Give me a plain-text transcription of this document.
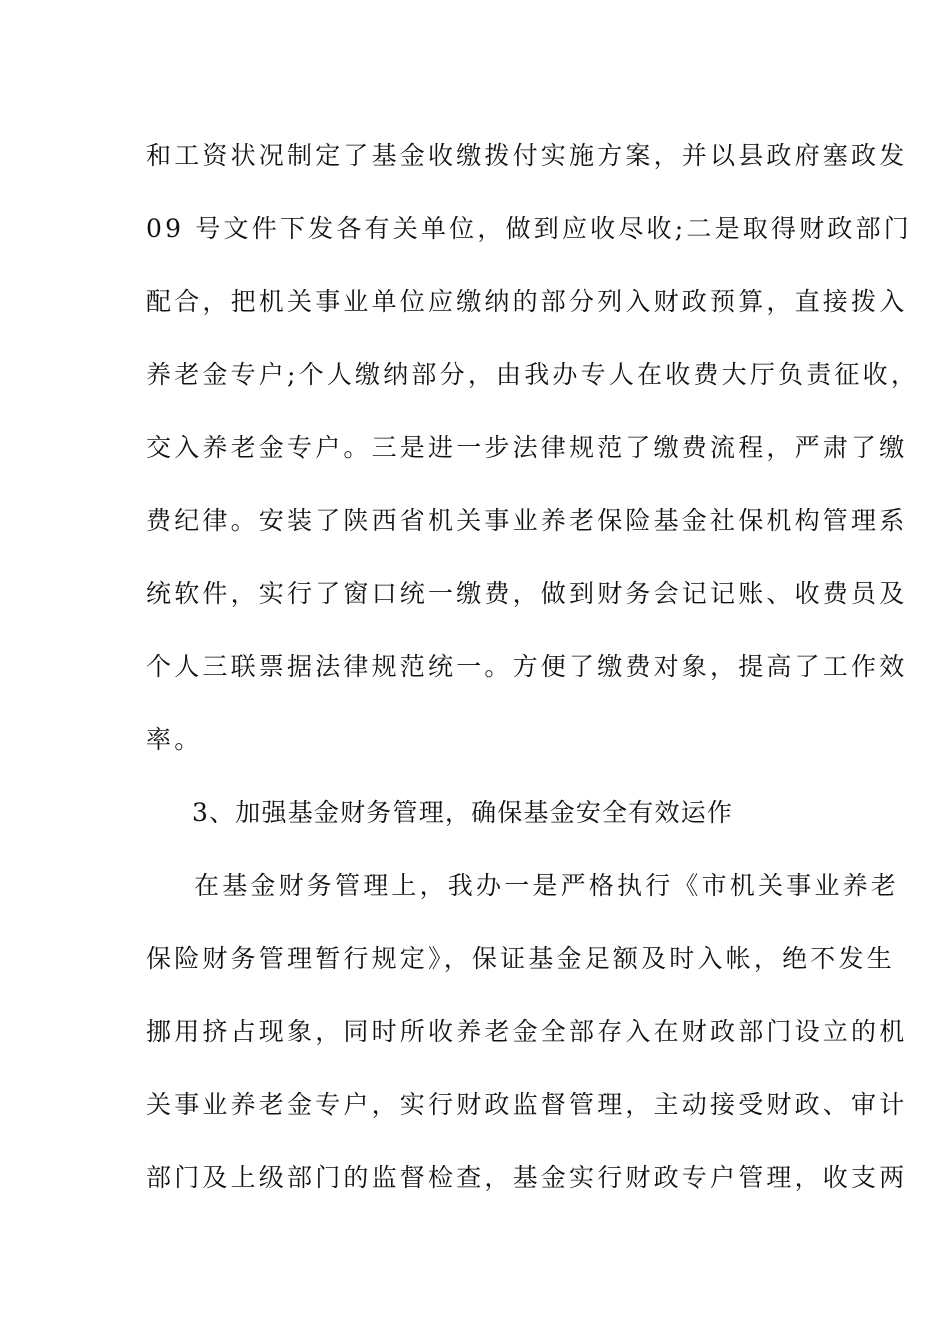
和工资状况制定了基金收缴拨付实施方案，并以县政府塞政发
09 号文件下发各有关单位，做到应收尽收;二是取得财政部门
配合，把机关事业单位应缴纳的部分列入财政预算，直接拨入
养老金专户;个人缴纳部分，由我办专人在收费大厅负责征收，
交入养老金专户。三是进一步法律规范了缴费流程，严肃了缴
费纪律。安装了陕西省机关事业养老保险基金社保机构管理系
统软件，实行了窗口统一缴费，做到财务会记记账、收费员及
个人三联票据法律规范统一。方便了缴费对象，提高了工作效
率。
3、加强基金财务管理，确保基金安全有效运作
在基金财务管理上，我办一是严格执行《市机关事业养老
保险财务管理暂行规定》，保证基金足额及时入帐，绝不发生
挪用挤占现象，同时所收养老金全部存入在财政部门设立的机
关事业养老金专户，实行财政监督管理，主动接受财政、审计
部门及上级部门的监督检查，基金实行财政专户管理，收支两
